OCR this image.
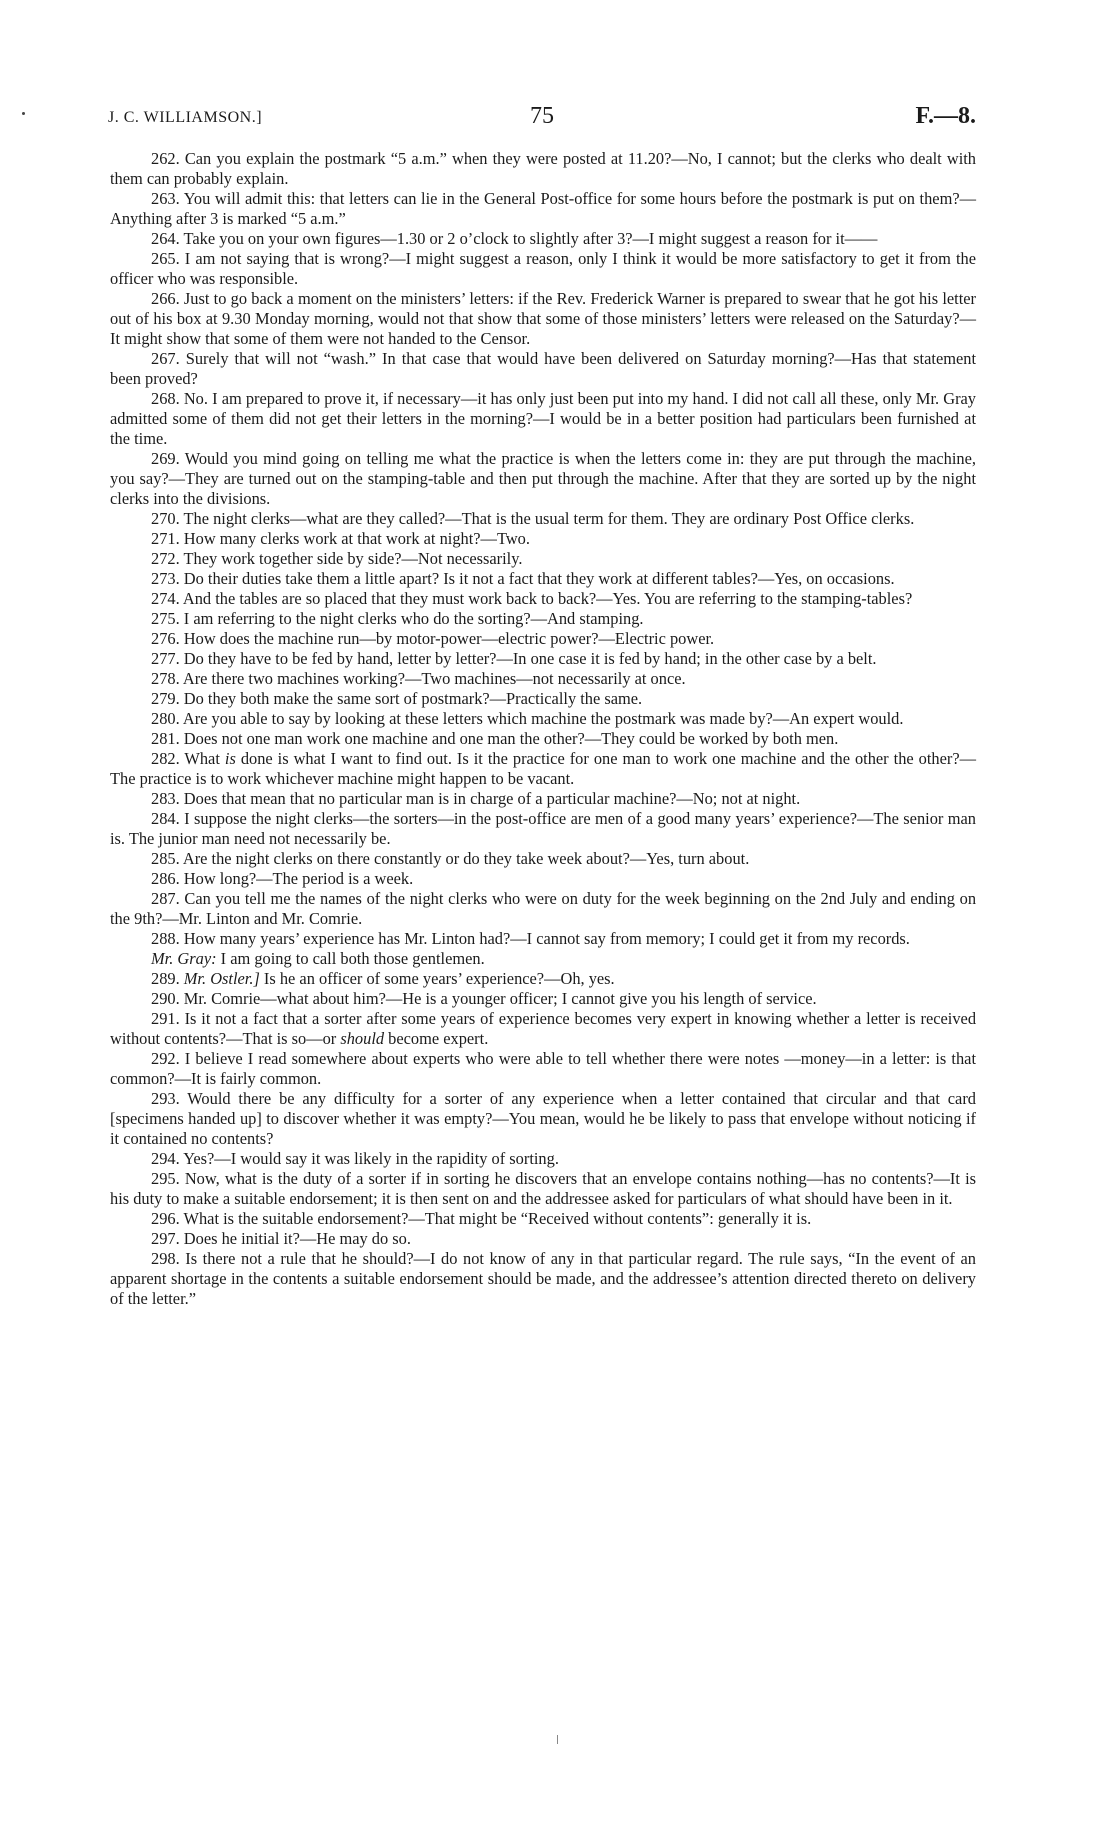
J. C. WILLIAMSON.]	75	F.—8.

262. Can you explain the postmark “5 a.m.” when they were posted at 11.20?—No, I cannot; but the clerks who dealt with them can probably explain.

263. You will admit this: that letters can lie in the General Post-office for some hours before the postmark is put on them?—Anything after 3 is marked “5 a.m.”

264. Take you on your own figures—1.30 or 2 o’clock to slightly after 3?—I might suggest a reason for it——

265. I am not saying that is wrong?—I might suggest a reason, only I think it would be more satisfactory to get it from the officer who was responsible.

266. Just to go back a moment on the ministers’ letters: if the Rev. Frederick Warner is prepared to swear that he got his letter out of his box at 9.30 Monday morning, would not that show that some of those ministers’ letters were released on the Saturday?—It might show that some of them were not handed to the Censor.

267. Surely that will not “wash.” In that case that would have been delivered on Saturday morning?—Has that statement been proved?

268. No. I am prepared to prove it, if necessary—it has only just been put into my hand. I did not call all these, only Mr. Gray admitted some of them did not get their letters in the morning?—I would be in a better position had particulars been furnished at the time.

269. Would you mind going on telling me what the practice is when the letters come in: they are put through the machine, you say?—They are turned out on the stamping-table and then put through the machine. After that they are sorted up by the night clerks into the divisions.

270. The night clerks—what are they called?—That is the usual term for them. They are ordinary Post Office clerks.

271. How many clerks work at that work at night?—Two.

272. They work together side by side?—Not necessarily.

273. Do their duties take them a little apart? Is it not a fact that they work at different tables?—Yes, on occasions.

274. And the tables are so placed that they must work back to back?—Yes. You are referring to the stamping-tables?

275. I am referring to the night clerks who do the sorting?—And stamping.

276. How does the machine run—by motor-power—electric power?—Electric power.

277. Do they have to be fed by hand, letter by letter?—In one case it is fed by hand; in the other case by a belt.

278. Are there two machines working?—Two machines—not necessarily at once.

279. Do they both make the same sort of postmark?—Practically the same.

280. Are you able to say by looking at these letters which machine the postmark was made by?—An expert would.

281. Does not one man work one machine and one man the other?—They could be worked by both men.

282. What is done is what I want to find out. Is it the practice for one man to work one machine and the other the other?—The practice is to work whichever machine might happen to be vacant.

283. Does that mean that no particular man is in charge of a particular machine?—No; not at night.

284. I suppose the night clerks—the sorters—in the post-office are men of a good many years’ experience?—The senior man is. The junior man need not necessarily be.

285. Are the night clerks on there constantly or do they take week about?—Yes, turn about.

286. How long?—The period is a week.

287. Can you tell me the names of the night clerks who were on duty for the week beginning on the 2nd July and ending on the 9th?—Mr. Linton and Mr. Comrie.

288. How many years’ experience has Mr. Linton had?—I cannot say from memory; I could get it from my records.

Mr. Gray: I am going to call both those gentlemen.

289. Mr. Ostler.] Is he an officer of some years’ experience?—Oh, yes.

290. Mr. Comrie—what about him?—He is a younger officer; I cannot give you his length of service.

291. Is it not a fact that a sorter after some years of experience becomes very expert in knowing whether a letter is received without contents?—That is so—or should become expert.

292. I believe I read somewhere about experts who were able to tell whether there were notes —money—in a letter: is that common?—It is fairly common.

293. Would there be any difficulty for a sorter of any experience when a letter contained that circular and that card [specimens handed up] to discover whether it was empty?—You mean, would he be likely to pass that envelope without noticing if it contained no contents?

294. Yes?—I would say it was likely in the rapidity of sorting.

295. Now, what is the duty of a sorter if in sorting he discovers that an envelope contains nothing—has no contents?—It is his duty to make a suitable endorsement; it is then sent on and the addressee asked for particulars of what should have been in it.

296. What is the suitable endorsement?—That might be “Received without contents”: generally it is.

297. Does he initial it?—He may do so.

298. Is there not a rule that he should?—I do not know of any in that particular regard. The rule says, “In the event of an apparent shortage in the contents a suitable endorsement should be made, and the addressee’s attention directed thereto on delivery of the letter.”
